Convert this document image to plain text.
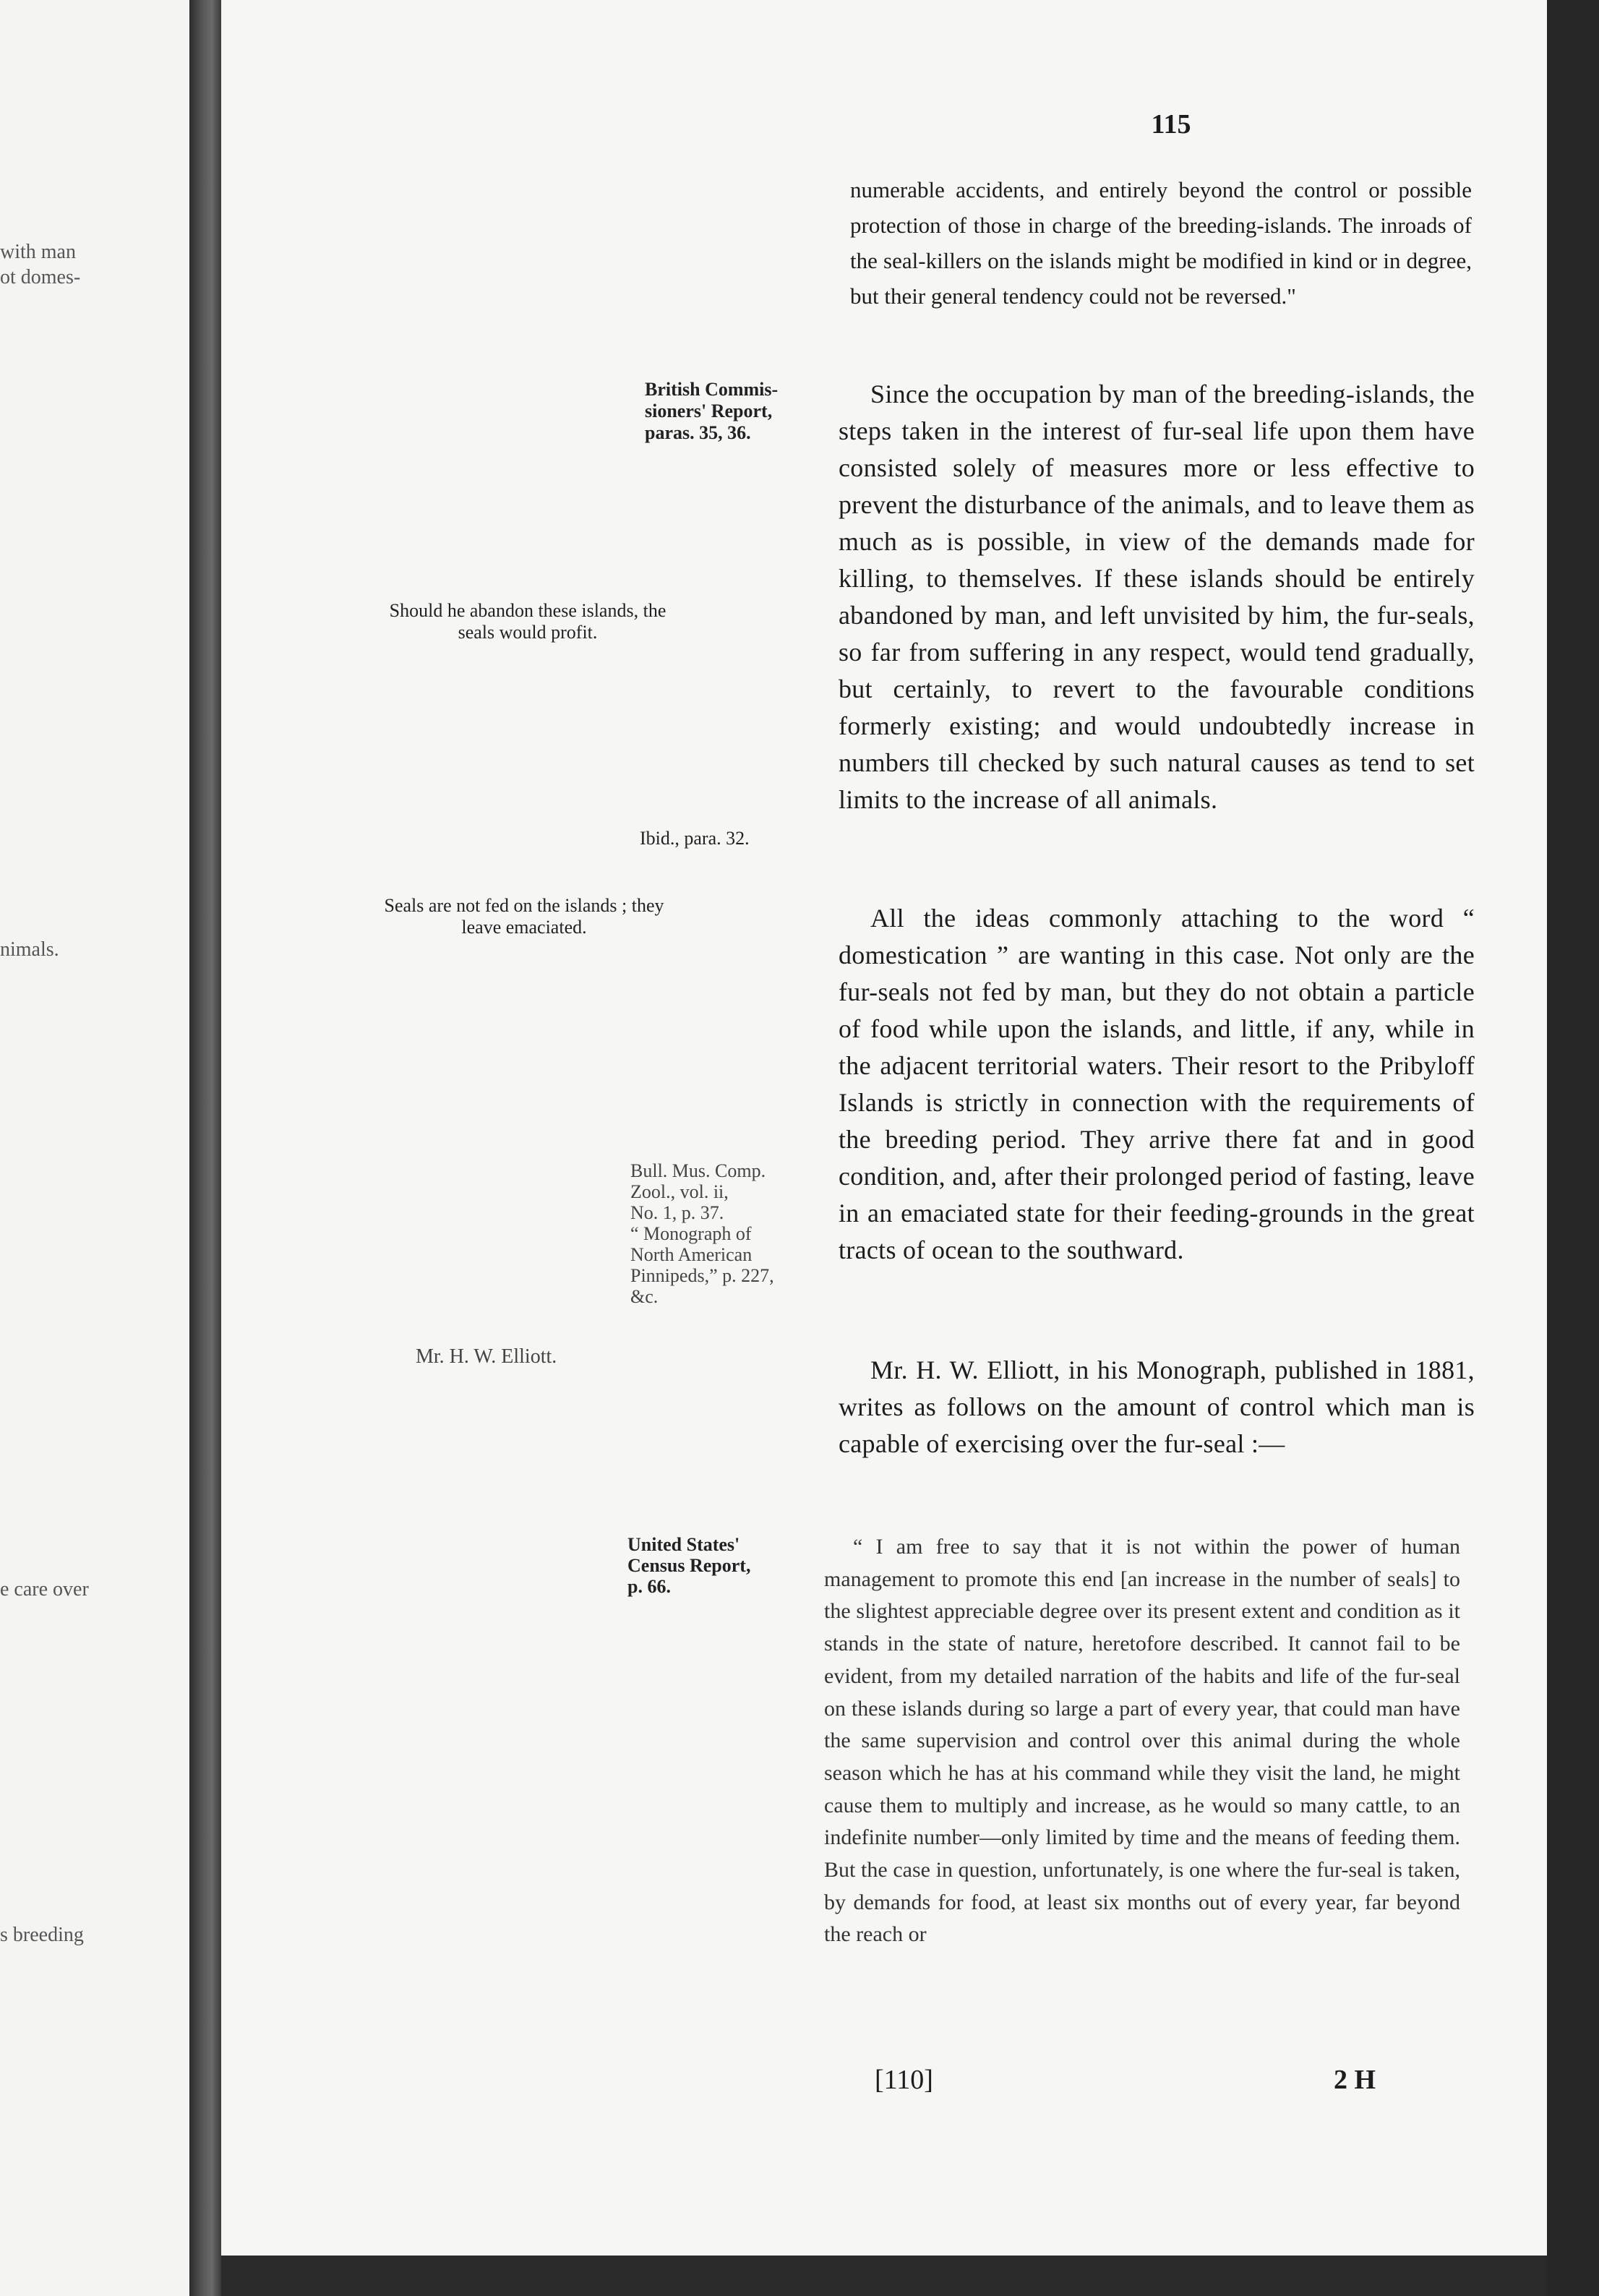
with man
ot domes-
nimals.
e care over
s breeding
115

numerable accidents, and entirely beyond the control or possible protection of those in charge of the breeding-islands. The inroads of the seal-killers on the islands might be modified in kind or in degree, but their general tendency could not be reversed."

Since the occupation by man of the breeding-islands, the steps taken in the interest of fur-seal life upon them have consisted solely of measures more or less effective to prevent the disturbance of the animals, and to leave them as much as is possible, in view of the demands made for killing, to themselves. If these islands should be entirely abandoned by man, and left unvisited by him, the fur-seals, so far from suffering in any respect, would tend gradually, but certainly, to revert to the favourable conditions formerly existing; and would undoubtedly increase in numbers till checked by such natural causes as tend to set limits to the increase of all animals.

All the ideas commonly attaching to the word “ domestication ” are wanting in this case. Not only are the fur-seals not fed by man, but they do not obtain a particle of food while upon the islands, and little, if any, while in the adjacent territorial waters. Their resort to the Pribyloff Islands is strictly in connection with the requirements of the breeding period. They arrive there fat and in good condition, and, after their prolonged period of fasting, leave in an emaciated state for their feeding-grounds in the great tracts of ocean to the southward.

Mr. H. W. Elliott, in his Monograph, published in 1881, writes as follows on the amount of control which man is capable of exercising over the fur-seal :—

“ I am free to say that it is not within the power of human management to promote this end [an increase in the number of seals] to the slightest appreciable degree over its present extent and condition as it stands in the state of nature, heretofore described. It cannot fail to be evident, from my detailed narration of the habits and life of the fur-seal on these islands during so large a part of every year, that could man have the same supervision and control over this animal during the whole season which he has at his command while they visit the land, he might cause them to multiply and increase, as he would so many cattle, to an indefinite number—only limited by time and the means of feeding them. But the case in question, unfortunately, is one where the fur-seal is taken, by demands for food, at least six months out of every year, far beyond the reach or

British Commis-
sioners' Report,
paras. 35, 36.
Should he abandon these islands, the
seals would profit.
Ibid., para. 32.
Seals are not fed on the islands ; they
leave emaciated.
Bull. Mus. Comp.
Zool., vol. ii,
No. 1, p. 37.
“ Monograph of
North American
Pinnipeds,” p. 227,
&c.
Mr. H. W. Elliott.
United States'
Census Report,
p. 66.
[110]	2 H
